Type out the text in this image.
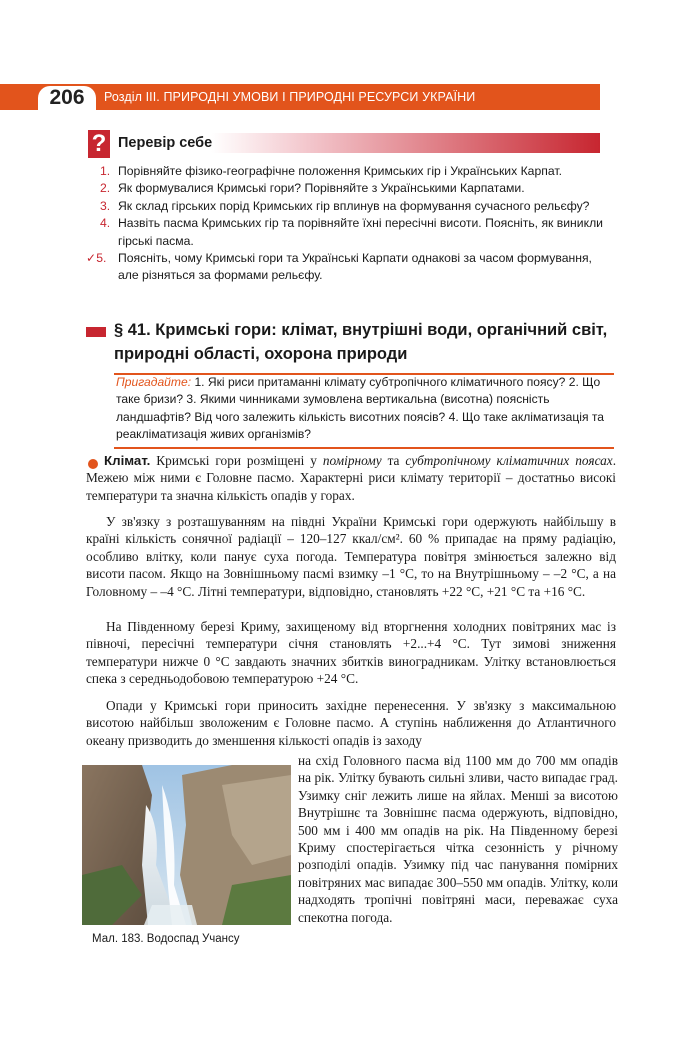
206	Розділ III. ПРИРОДНІ УМОВИ І ПРИРОДНІ РЕСУРСИ УКРАЇНИ
? Перевір себе
1. Порівняйте фізико-географічне положення Кримських гір і Українських Карпат.
2. Як формувалися Кримські гори? Порівняйте з Українськими Карпатами.
3. Як склад гірських порід Кримських гір вплинув на формування сучасного рельєфу?
4. Назвіть пасма Кримських гір та порівняйте їхні пересічні висоти. Поясніть, як виникли гірські пасма.
✓5. Поясніть, чому Кримські гори та Українські Карпати однакові за часом формування, але різняться за формами рельєфу.
§ 41. Кримські гори: клімат, внутрішні води, органічний світ, природні області, охорона природи
Пригадайте: 1. Які риси притаманні клімату субтропічного кліматичного поясу? 2. Що таке бризи? 3. Якими чинниками зумовлена вертикальна (висотна) поясність ландшафтів? Від чого залежить кількість висотних поясів? 4. Що таке акліматизація та реакліматизація живих організмів?
Клімат. Кримські гори розміщені у помірному та субтропічному кліматичних поясах. Межею між ними є Головне пасмо. Характерні риси клімату території – достатньо високі температури та значна кількість опадів у горах.
У зв'язку з розташуванням на півдні України Кримські гори одержують найбільшу в країні кількість сонячної радіації – 120–127 ккал/см². 60 % припадає на пряму радіацію, особливо влітку, коли панує суха погода. Температура повітря змінюється залежно від висоти пасом. Якщо на Зовнішньому пасмі взимку –1 °С, то на Внутрішньому – –2 °С, а на Головному – –4 °С. Літні температури, відповідно, становлять +22 °С, +21 °С та +16 °С.
На Південному березі Криму, захищеному від вторгнення холодних повітряних мас із півночі, пересічні температури січня становлять +2...+4 °С. Тут зимові зниження температури нижче 0 °С завдають значних збитків виноградникам. Улітку встановлюється спека з середньодобовою температурою +24 °С.
Опади у Кримські гори приносить західне перенесення. У зв'язку з максимальною висотою найбільш зволоженим є Головне пасмо. А ступінь наближення до Атлантичного океану призводить до зменшення кількості опадів із заходу
Мал. 183. Водоспад Учансу
на схід Головного пасма від 1100 мм до 700 мм опадів на рік. Улітку бувають сильні зливи, часто випадає град. Узимку сніг лежить лише на яйлах. Менші за висотою Внутрішнє та Зовнішнє пасма одержують, відповідно, 500 мм і 400 мм опадів на рік. На Південному березі Криму спостерігається чітка сезонність у річному розподілі опадів. Узимку під час панування помірних повітряних мас випадає 300–550 мм опадів. Улітку, коли надходять тропічні повітряні маси, переважає суха спекотна погода.
